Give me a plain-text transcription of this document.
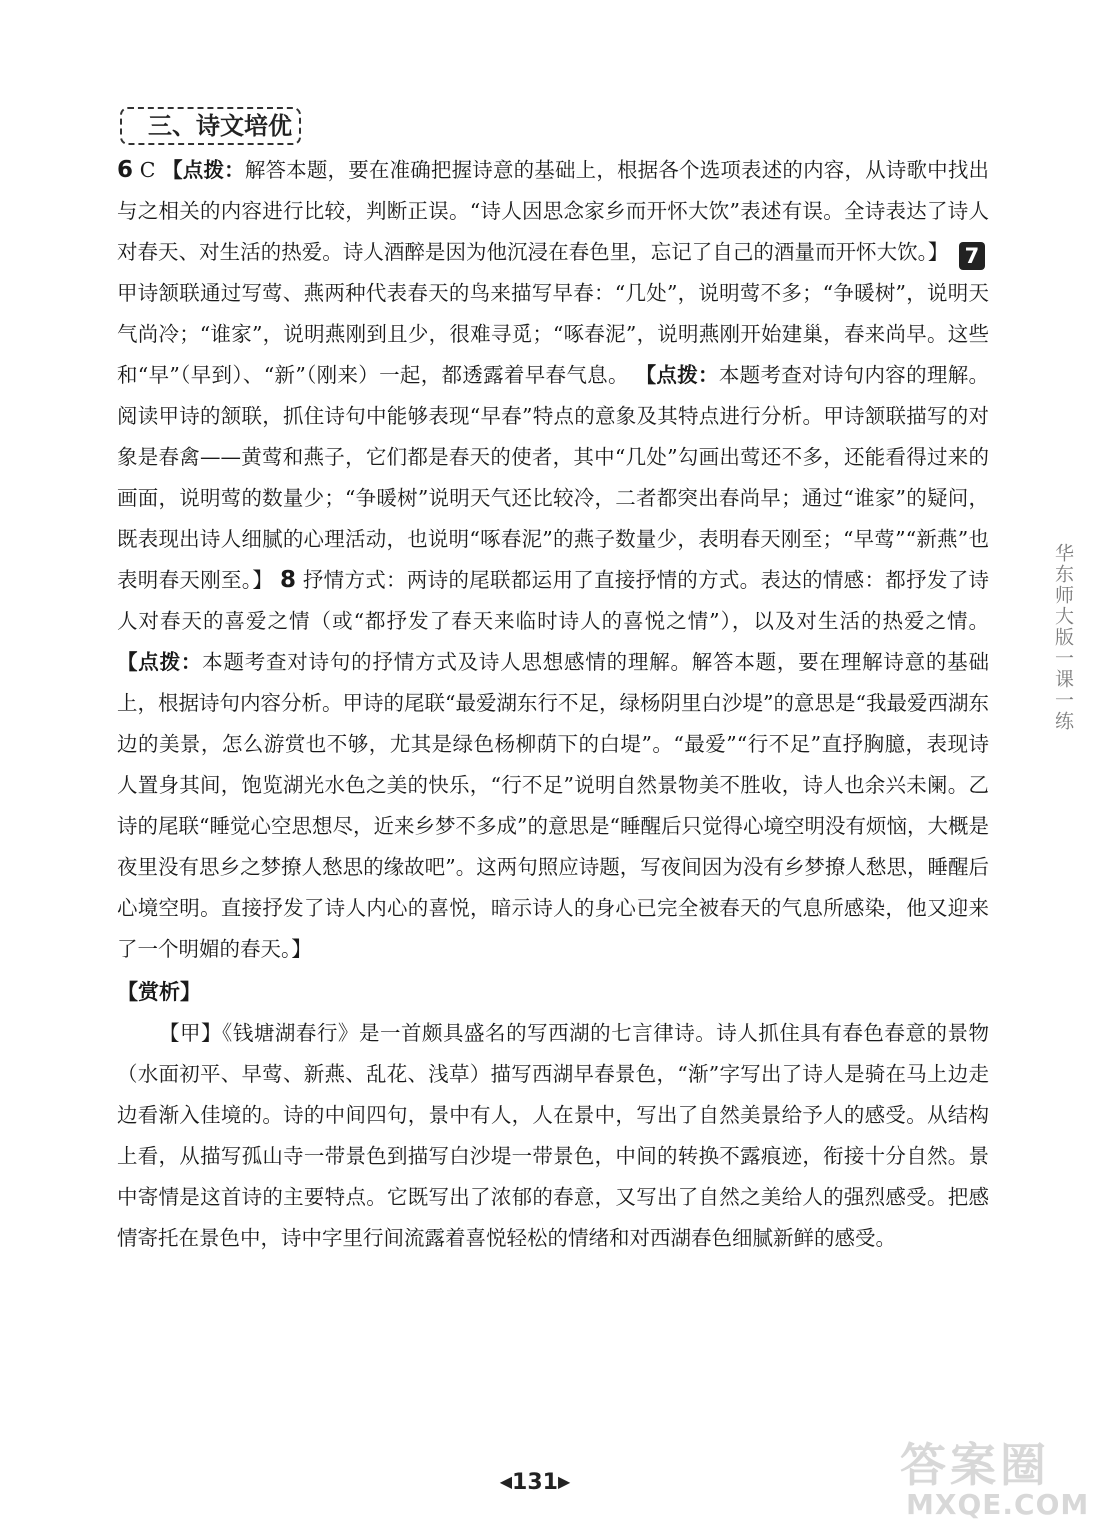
三、诗文培优

6 C 【点拨：解答本题，要在准确把握诗意的基础上，根据各个选项表述的内容，从诗歌中找出与之相关的内容进行比较，判断正误。“诗人因思念家乡而开怀大饮”表述有误。全诗表达了诗人对春天、对生活的热爱。诗人酒醉是因为他沉浸在春色里，忘记了自己的酒量而开怀大饮。】 7甲诗颔联通过写莺、燕两种代表春天的鸟来描写早春：“几处”，说明莺不多；“争暖树”，说明天气尚冷；“谁家”，说明燕刚到且少，很难寻觅；“啄春泥”，说明燕刚开始建巢，春来尚早。这些和“早”（早到）、“新”（刚来）一起，都透露着早春气息。 【点拨：本题考查对诗句内容的理解。阅读甲诗的颔联，抓住诗句中能够表现“早春”特点的意象及其特点进行分析。甲诗颔联描写的对象是春禽——黄莺和燕子，它们都是春天的使者，其中“几处”勾画出莺还不多，还能看得过来的画面，说明莺的数量少；“争暖树”说明天气还比较冷，二者都突出春尚早；通过“谁家”的疑问，既表现出诗人细腻的心理活动，也说明“啄春泥”的燕子数量少，表明春天刚至；“早莺”“新燕”也表明春天刚至。】 8 抒情方式：两诗的尾联都运用了直接抒情的方式。表达的情感：都抒发了诗人对春天的喜爱之情（或“都抒发了春天来临时诗人的喜悦之情”），以及对生活的热爱之情。 【点拨：本题考查对诗句的抒情方式及诗人思想感情的理解。解答本题，要在理解诗意的基础上，根据诗句内容分析。甲诗的尾联“最爱湖东行不足，绿杨阴里白沙堤”的意思是“我最爱西湖东边的美景，怎么游赏也不够，尤其是绿色杨柳荫下的白堤”。“最爱”“行不足”直抒胸臆，表现诗人置身其间，饱览湖光水色之美的快乐，“行不足”说明自然景物美不胜收，诗人也余兴未阑。乙诗的尾联“睡觉心空思想尽，近来乡梦不多成”的意思是“睡醒后只觉得心境空明没有烦恼，大概是夜里没有思乡之梦撩人愁思的缘故吧”。这两句照应诗题，写夜间因为没有乡梦撩人愁思，睡醒后心境空明。直接抒发了诗人内心的喜悦，暗示诗人的身心已完全被春天的气息所感染，他又迎来了一个明媚的春天。】

【赏析】

【甲】《钱塘湖春行》是一首颇具盛名的写西湖的七言律诗。诗人抓住具有春色春意的景物（水面初平、早莺、新燕、乱花、浅草）描写西湖早春景色，“渐”字写出了诗人是骑在马上边走边看渐入佳境的。诗的中间四句，景中有人，人在景中，写出了自然美景给予人的感受。从结构上看，从描写孤山寺一带景色到描写白沙堤一带景色，中间的转换不露痕迹，衔接十分自然。景中寄情是这首诗的主要特点。它既写出了浓郁的春意，又写出了自然之美给人的强烈感受。把感情寄托在景色中，诗中字里行间流露着喜悦轻松的情绪和对西湖春色细腻新鲜的感受。

华东师大版一课一练
◀131▶	答案圈
MXQE.COM
